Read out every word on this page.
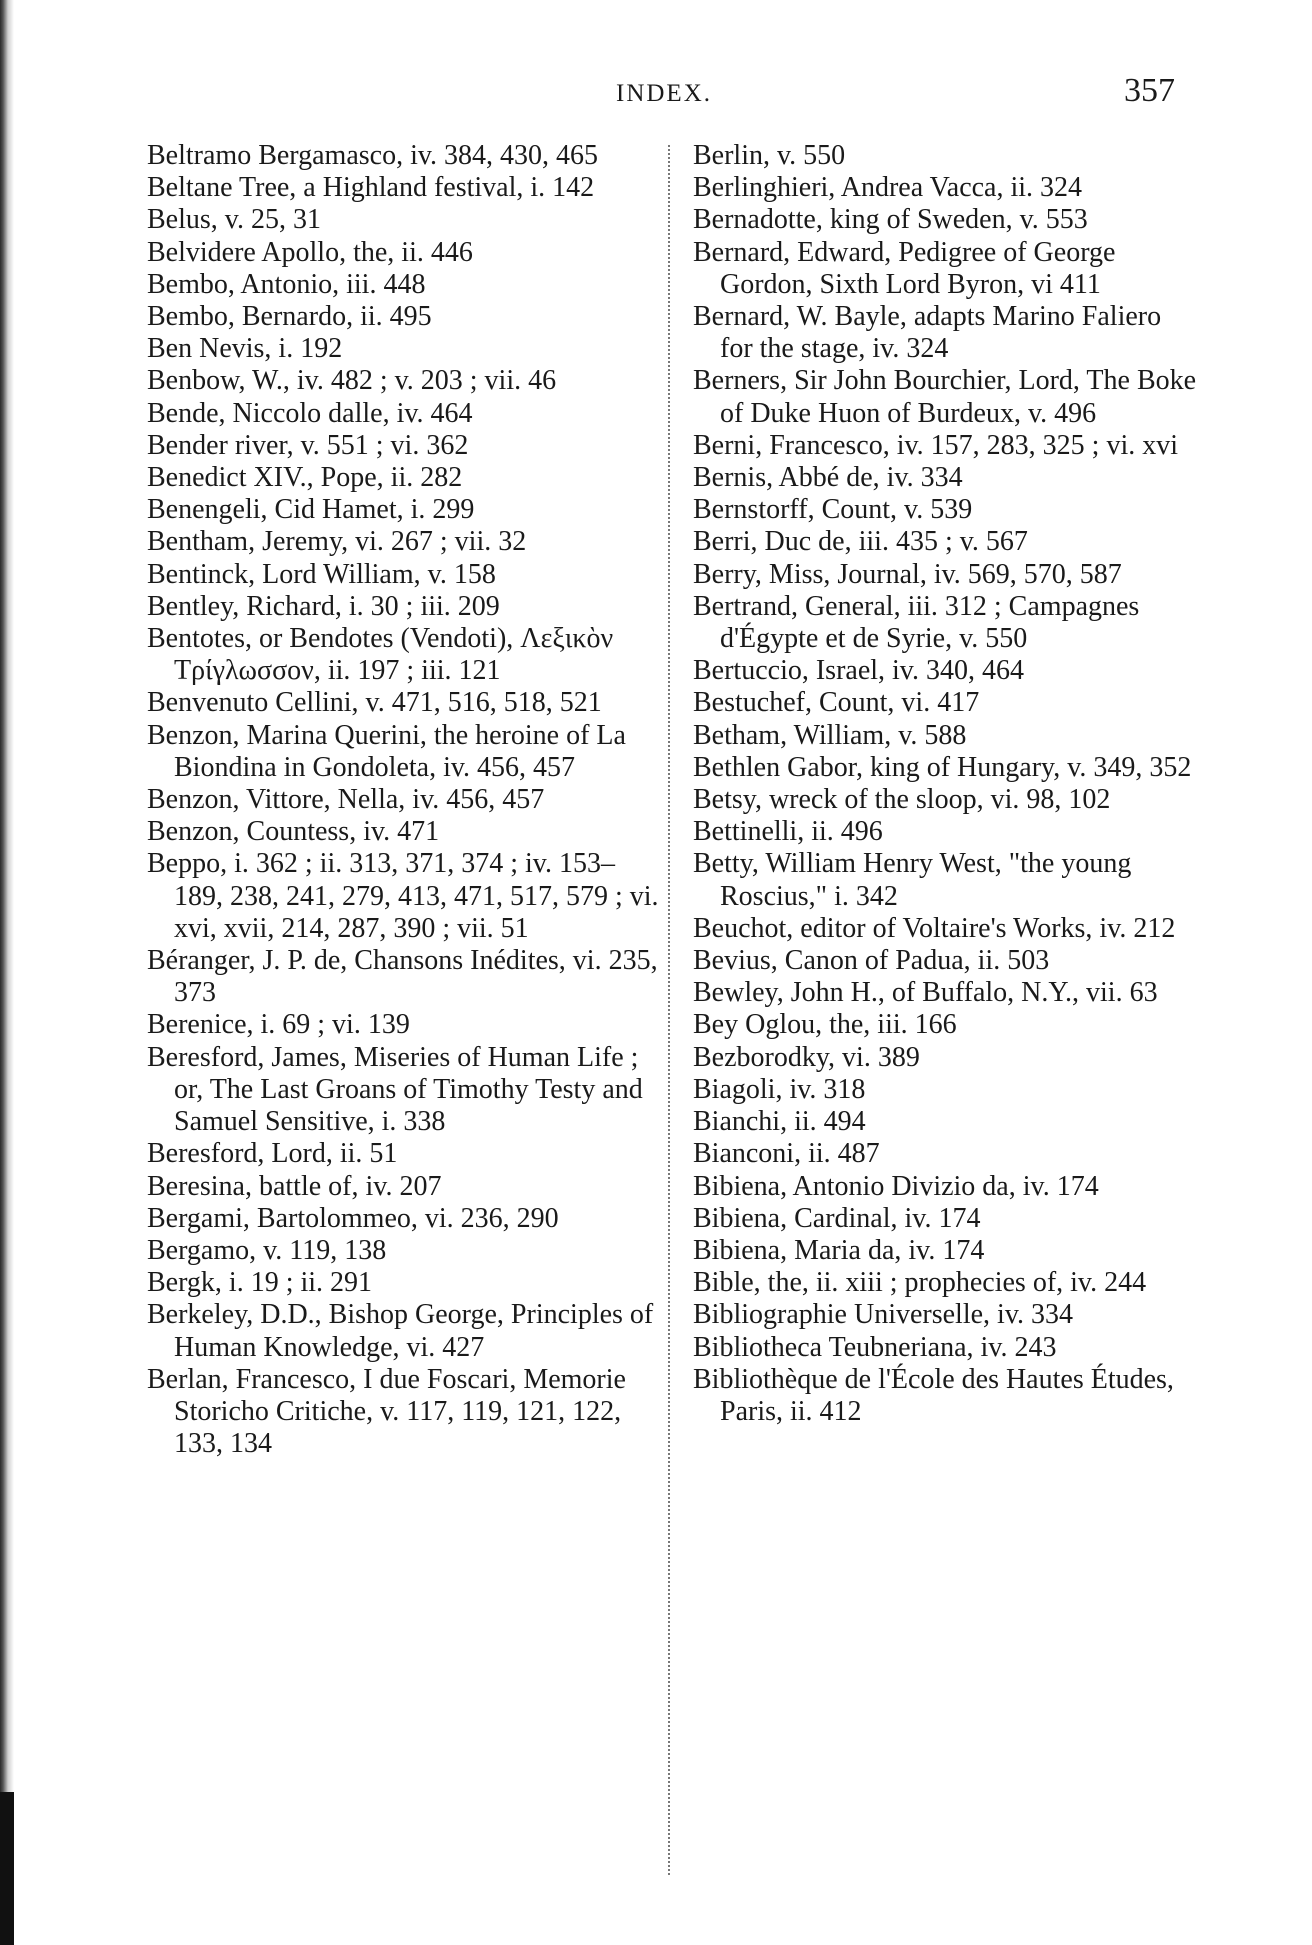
INDEX.	357
Beltramo Bergamasco, iv. 384, 430, 465
Beltane Tree, a Highland festival, i. 142
Belus, v. 25, 31
Belvidere Apollo, the, ii. 446
Bembo, Antonio, iii. 448
Bembo, Bernardo, ii. 495
Ben Nevis, i. 192
Benbow, W., iv. 482 ; v. 203 ; vii. 46
Bende, Niccolo dalle, iv. 464
Bender river, v. 551 ; vi. 362
Benedict XIV., Pope, ii. 282
Benengeli, Cid Hamet, i. 299
Bentham, Jeremy, vi. 267 ; vii. 32
Bentinck, Lord William, v. 158
Bentley, Richard, i. 30 ; iii. 209
Bentotes, or Bendotes (Vendoti), Λεξικὸν Τρίγλωσσον, ii. 197 ; iii. 121
Benvenuto Cellini, v. 471, 516, 518, 521
Benzon, Marina Querini, the heroine of La Biondina in Gondoleta, iv. 456, 457
Benzon, Vittore, Nella, iv. 456, 457
Benzon, Countess, iv. 471
Beppo, i. 362 ; ii. 313, 371, 374 ; iv. 153–189, 238, 241, 279, 413, 471, 517, 579 ; vi. xvi, xvii, 214, 287, 390 ; vii. 51
Béranger, J. P. de, Chansons Inédites, vi. 235, 373
Berenice, i. 69 ; vi. 139
Beresford, James, Miseries of Human Life ; or, The Last Groans of Timothy Testy and Samuel Sensitive, i. 338
Beresford, Lord, ii. 51
Beresina, battle of, iv. 207
Bergami, Bartolommeo, vi. 236, 290
Bergamo, v. 119, 138
Bergk, i. 19 ; ii. 291
Berkeley, D.D., Bishop George, Principles of Human Knowledge, vi. 427
Berlan, Francesco, I due Foscari, Memorie Storicho Critiche, v. 117, 119, 121, 122, 133, 134
Berlin, v. 550
Berlinghieri, Andrea Vacca, ii. 324
Bernadotte, king of Sweden, v. 553
Bernard, Edward, Pedigree of George Gordon, Sixth Lord Byron, vi 411
Bernard, W. Bayle, adapts Marino Faliero for the stage, iv. 324
Berners, Sir John Bourchier, Lord, The Boke of Duke Huon of Burdeux, v. 496
Berni, Francesco, iv. 157, 283, 325 ; vi. xvi
Bernis, Abbé de, iv. 334
Bernstorff, Count, v. 539
Berri, Duc de, iii. 435 ; v. 567
Berry, Miss, Journal, iv. 569, 570, 587
Bertrand, General, iii. 312 ; Campagnes d'Égypte et de Syrie, v. 550
Bertuccio, Israel, iv. 340, 464
Bestuchef, Count, vi. 417
Betham, William, v. 588
Bethlen Gabor, king of Hungary, v. 349, 352
Betsy, wreck of the sloop, vi. 98, 102
Bettinelli, ii. 496
Betty, William Henry West, "the young Roscius," i. 342
Beuchot, editor of Voltaire's Works, iv. 212
Bevius, Canon of Padua, ii. 503
Bewley, John H., of Buffalo, N.Y., vii. 63
Bey Oglou, the, iii. 166
Bezborodky, vi. 389
Biagoli, iv. 318
Bianchi, ii. 494
Bianconi, ii. 487
Bibiena, Antonio Divizio da, iv. 174
Bibiena, Cardinal, iv. 174
Bibiena, Maria da, iv. 174
Bible, the, ii. xiii ; prophecies of, iv. 244
Bibliographie Universelle, iv. 334
Bibliotheca Teubneriana, iv. 243
Bibliothèque de l'École des Hautes Études, Paris, ii. 412
